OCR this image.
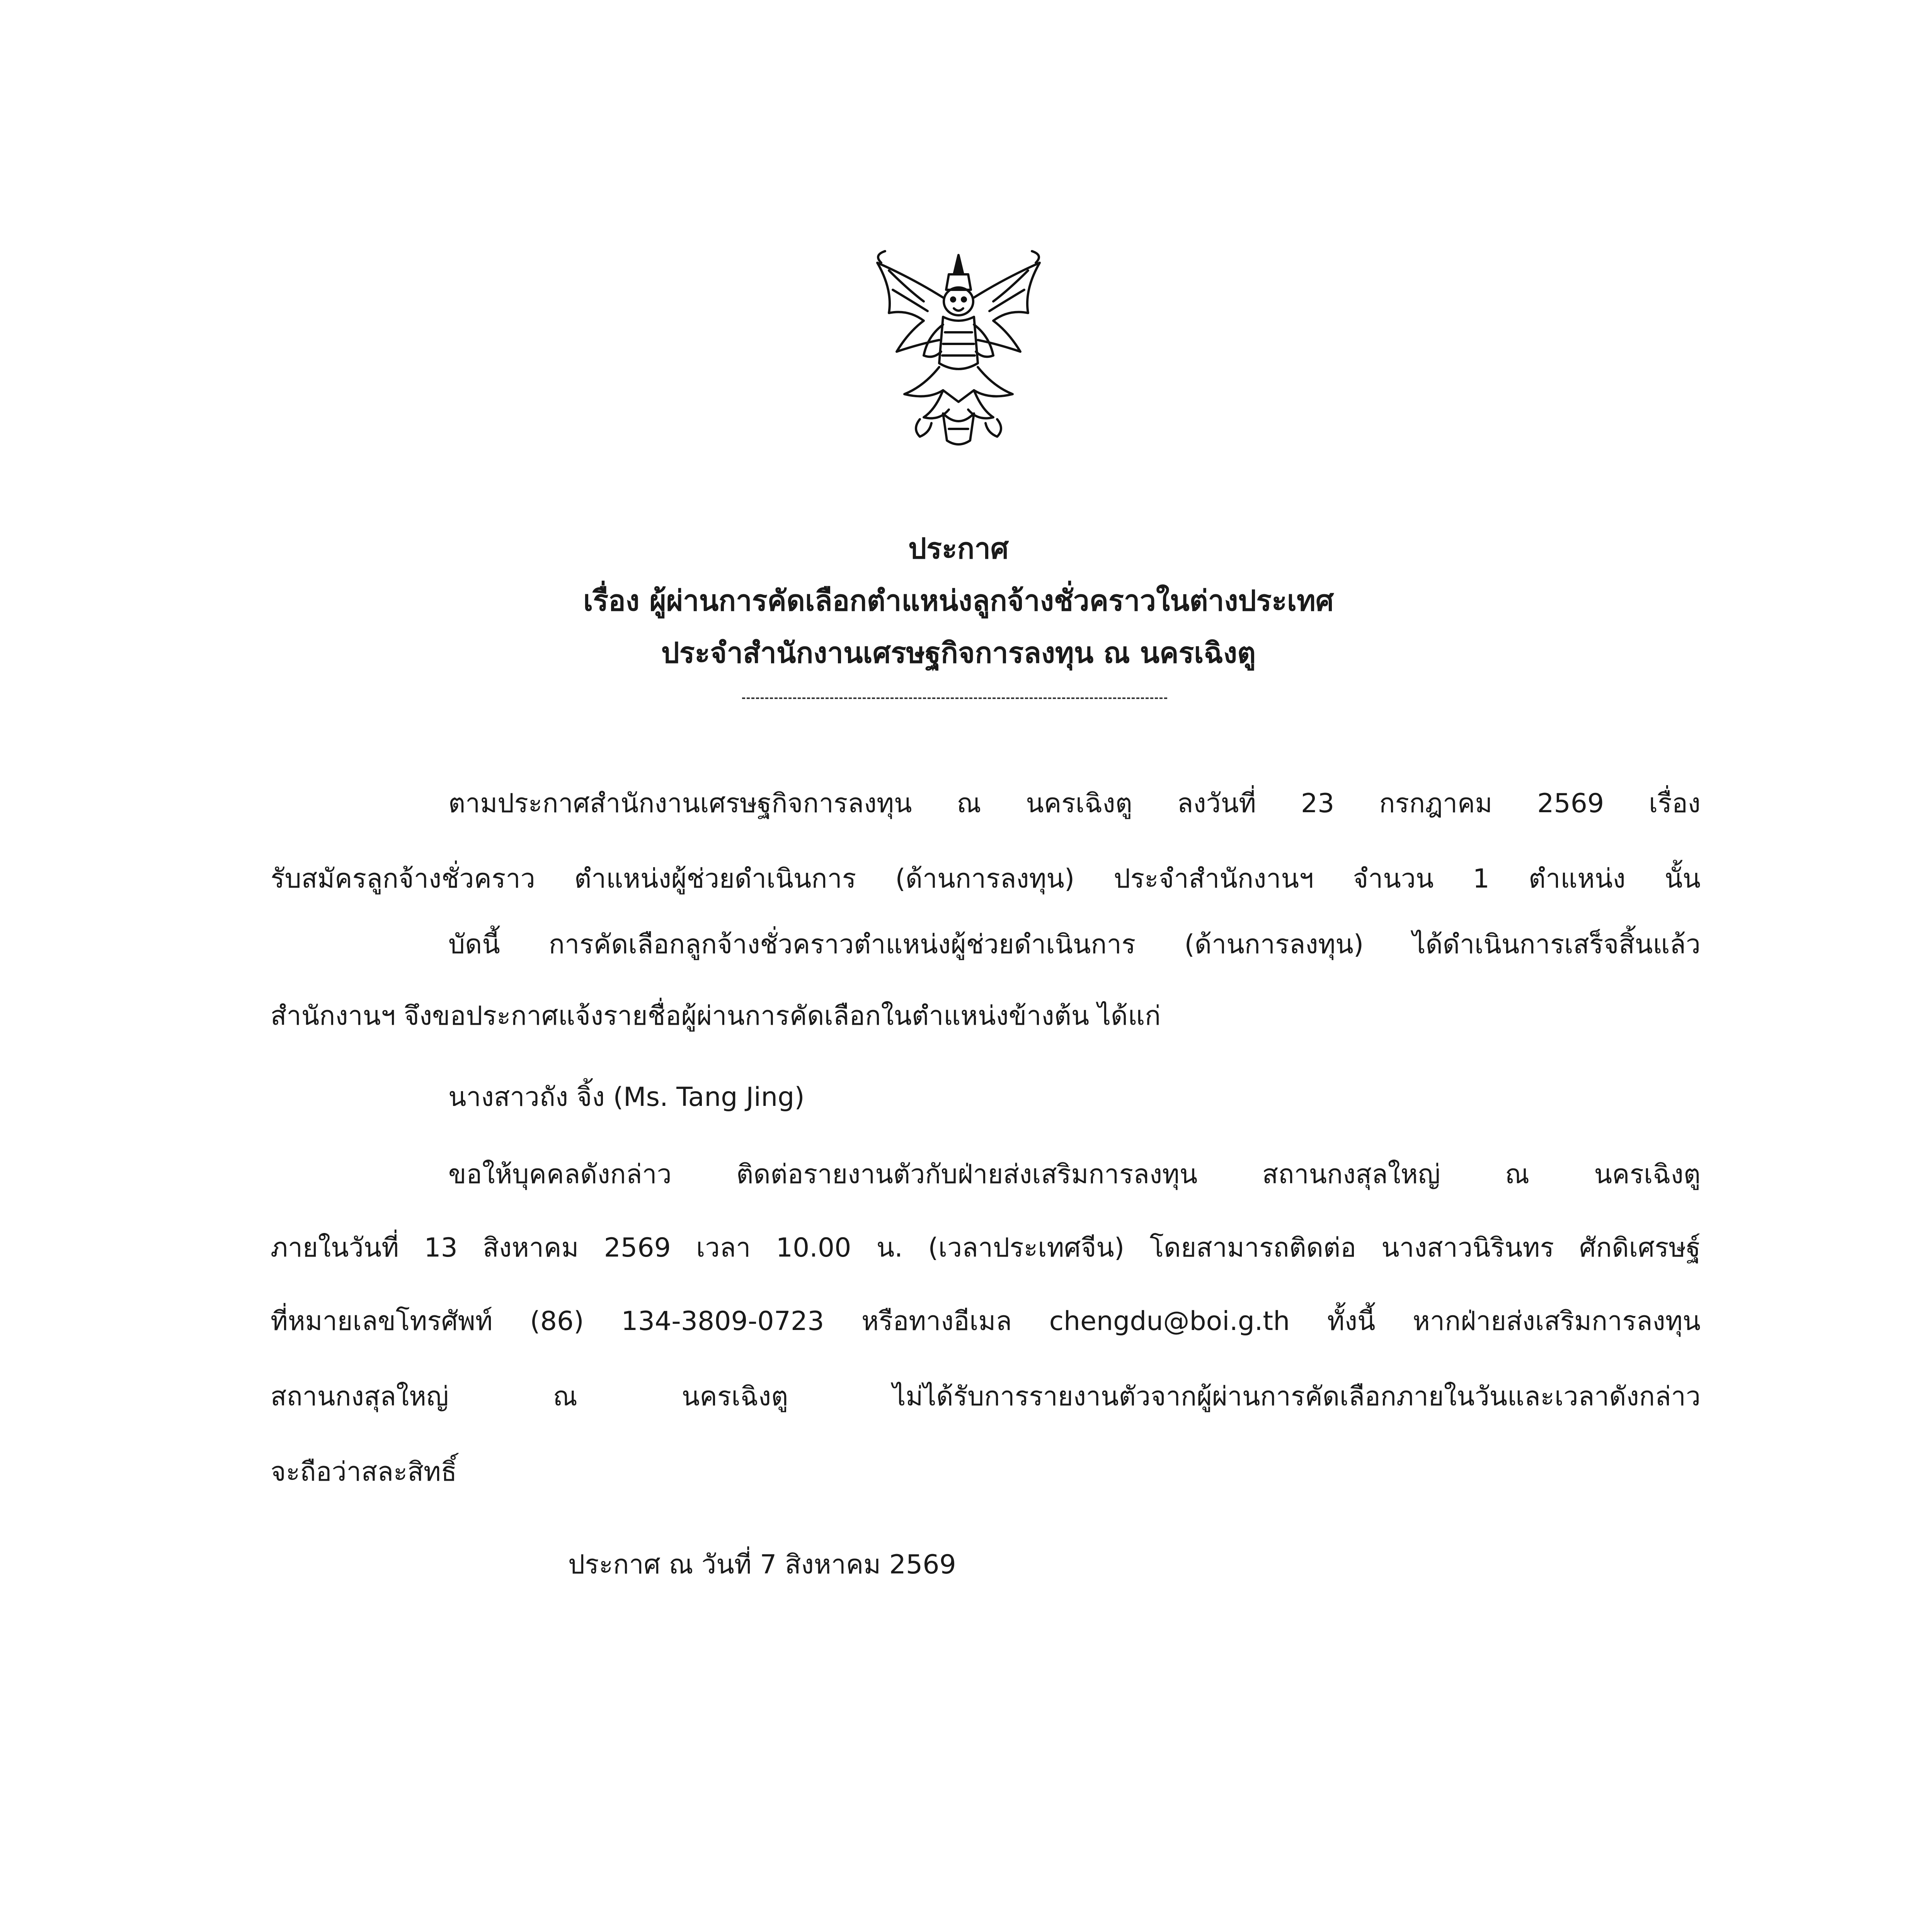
ประกาศ
เรื่อง ผู้ผ่านการคัดเลือกตำแหน่งลูกจ้างชั่วคราวในต่างประเทศ
ประจำสำนักงานเศรษฐกิจการลงทุน ณ นครเฉิงตู
ตามประกาศสำนักงานเศรษฐกิจการลงทุน ณ นครเฉิงตู ลงวันที่ 23 กรกฎาคม 2569 เรื่อง
รับสมัครลูกจ้างชั่วคราว ตำแหน่งผู้ช่วยดำเนินการ (ด้านการลงทุน) ประจำสำนักงานฯ จำนวน 1 ตำแหน่ง นั้น
บัดนี้ การคัดเลือกลูกจ้างชั่วคราวตำแหน่งผู้ช่วยดำเนินการ (ด้านการลงทุน) ได้ดำเนินการเสร็จสิ้นแล้ว
สำนักงานฯ จึงขอประกาศแจ้งรายชื่อผู้ผ่านการคัดเลือกในตำแหน่งข้างต้น ได้แก่
นางสาวถัง จิ้ง (Ms. Tang Jing)
ขอให้บุคคลดังกล่าว ติดต่อรายงานตัวกับฝ่ายส่งเสริมการลงทุน สถานกงสุลใหญ่ ณ นครเฉิงตู
ภายในวันที่ 13 สิงหาคม 2569 เวลา 10.00 น. (เวลาประเทศจีน) โดยสามารถติดต่อ นางสาวนิรินทร ศักดิเศรษฐ์
ที่หมายเลขโทรศัพท์ (86) 134-3809-0723 หรือทางอีเมล chengdu@boi.g.th ทั้งนี้ หากฝ่ายส่งเสริมการลงทุน
สถานกงสุลใหญ่ ณ นครเฉิงตู ไม่ได้รับการรายงานตัวจากผู้ผ่านการคัดเลือกภายในวันและเวลาดังกล่าว
จะถือว่าสละสิทธิ์
ประกาศ ณ วันที่ 7 สิงหาคม 2569
